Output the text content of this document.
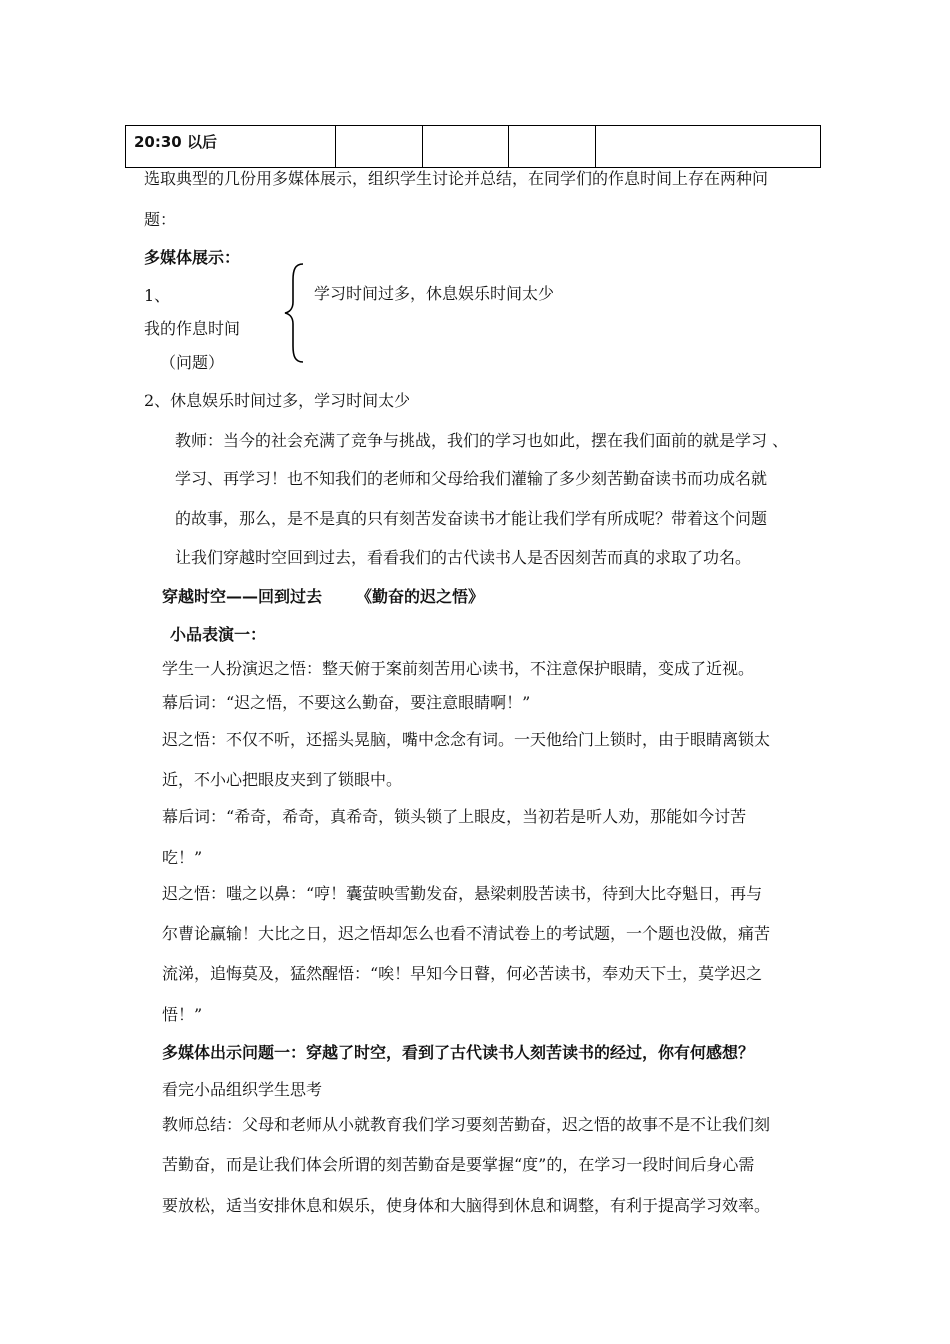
20:30 以后				
选取典型的几份用多媒体展示，组织学生讨论并总结，在同学们的作息时间上存在两种问
题：
多媒体展示：
1、
我的作息时间
（问题）
学习时间过多，休息娱乐时间太少
2、休息娱乐时间过多，学习时间太少
教师：当今的社会充满了竞争与挑战，我们的学习也如此，摆在我们面前的就是学习 、
学习、再学习！也不知我们的老师和父母给我们灌输了多少刻苦勤奋读书而功成名就
的故事，那么，是不是真的只有刻苦发奋读书才能让我们学有所成呢？带着这个问题
让我们穿越时空回到过去，看看我们的古代读书人是否因刻苦而真的求取了功名。
穿越时空——回到过去 《勤奋的迟之悟》
小品表演一：
学生一人扮演迟之悟：整天俯于案前刻苦用心读书，不注意保护眼睛，变成了近视。
幕后词：“迟之悟，不要这么勤奋，要注意眼睛啊！”
迟之悟：不仅不听，还摇头晃脑，嘴中念念有词。一天他给门上锁时，由于眼睛离锁太
近，不小心把眼皮夹到了锁眼中。
幕后词：“希奇，希奇，真希奇，锁头锁了上眼皮，当初若是听人劝，那能如今讨苦
吃！”
迟之悟：嗤之以鼻：“哼！囊萤映雪勤发奋，悬梁刺股苦读书，待到大比夺魁日，再与
尔曹论赢输！大比之日，迟之悟却怎么也看不清试卷上的考试题，一个题也没做，痛苦
流涕，追悔莫及，猛然醒悟：“唉！早知今日瞽，何必苦读书，奉劝天下士，莫学迟之
悟！”
多媒体出示问题一：穿越了时空，看到了古代读书人刻苦读书的经过，你有何感想？
看完小品组织学生思考
教师总结：父母和老师从小就教育我们学习要刻苦勤奋，迟之悟的故事不是不让我们刻
苦勤奋，而是让我们体会所谓的刻苦勤奋是要掌握“度”的，在学习一段时间后身心需
要放松，适当安排休息和娱乐，使身体和大脑得到休息和调整，有利于提高学习效率。
